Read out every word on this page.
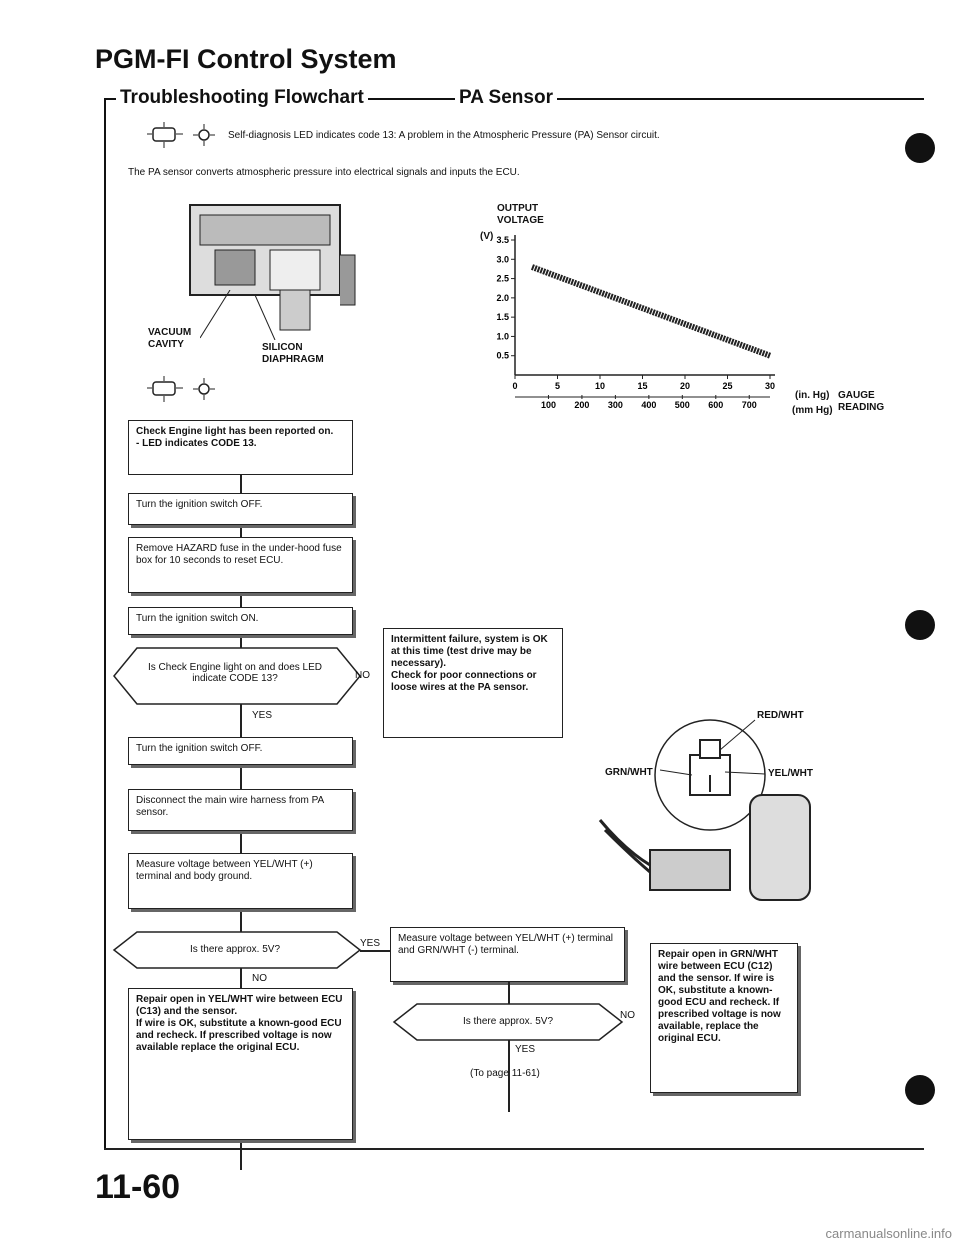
PGM-FI Control System
Troubleshooting Flowchart	PA Sensor
Self-diagnosis LED indicates code 13: A problem in the Atmospheric Pressure (PA) Sensor circuit.
The PA sensor converts atmospheric pressure into electrical signals and inputs the ECU.
VACUUM CAVITY	SILICON DIAPHRAGM
OUTPUT VOLTAGE
(V) 3.5
3.0
2.5
2.0
1.5
1.0
0.5
0	5	10	15	20	25	30
100 200 300 400 500 600 700
(in. Hg)
(mm Hg)
GAUGE READING
Check Engine light has been reported on.
- LED indicates CODE 13.
Turn the ignition switch OFF.
Remove HAZARD fuse in the under-hood fuse box for 10 seconds to reset ECU.
Turn the ignition switch ON.
Is Check Engine light on and does LED indicate CODE 13?	NO
YES
Intermittent failure, system is OK at this time (test drive may be necessary).
Check for poor connections or loose wires at the PA sensor.
Turn the ignition switch OFF.
Disconnect the main wire harness from PA sensor.
Measure voltage between YEL/WHT (+) terminal and body ground.
Is there approx. 5V?
YES
NO
Repair open in YEL/WHT wire between ECU (C13) and the sensor.
If wire is OK, substitute a known-good ECU and recheck. If prescribed voltage is now available replace the original ECU.
Measure voltage between YEL/WHT (+) terminal and GRN/WHT (-) terminal.
Is there approx. 5V?
NO
YES
(To page 11-61)
Repair open in GRN/WHT wire between ECU (C12) and the sensor. If wire is OK, substitute a known-good ECU and recheck. If prescribed voltage is now available, replace the original ECU.
RED/WHT
YEL/WHT
GRN/WHT
11-60
carmanualsonline.info
